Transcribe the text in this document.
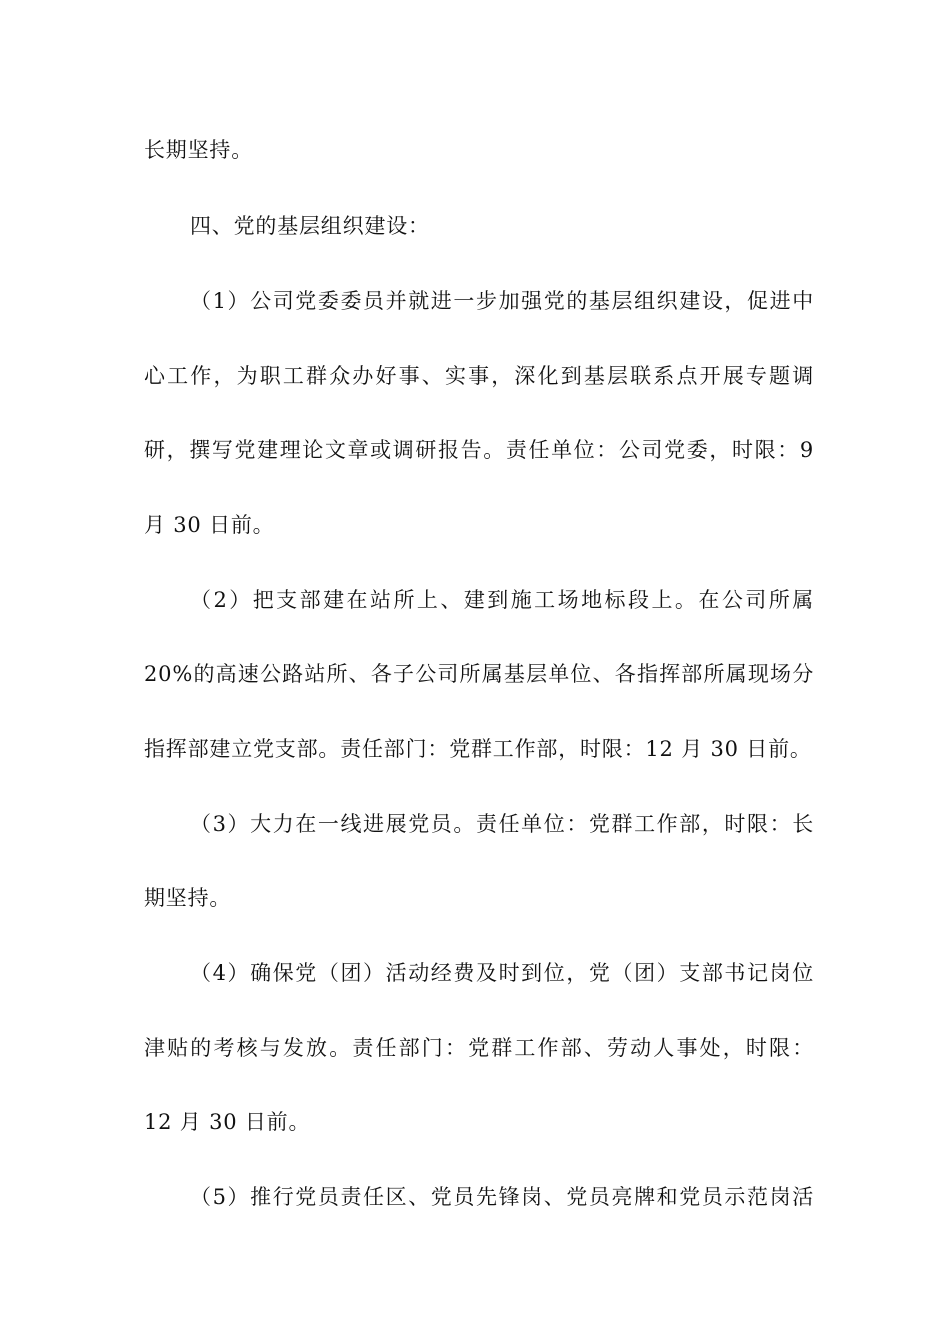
长期坚持。
四、党的基层组织建设：
（1）公司党委委员并就进一步加强党的基层组织建设，促进中
心工作，为职工群众办好事、实事，深化到基层联系点开展专题调
研，撰写党建理论文章或调研报告。责任单位：公司党委，时限：9
月 30 日前。
（2）把支部建在站所上、建到施工场地标段上。在公司所属
20%的高速公路站所、各子公司所属基层单位、各指挥部所属现场分
指挥部建立党支部。责任部门：党群工作部，时限：12 月 30 日前。
（3）大力在一线进展党员。责任单位：党群工作部，时限：长
期坚持。
（4）确保党（团）活动经费及时到位，党（团）支部书记岗位
津贴的考核与发放。责任部门：党群工作部、劳动人事处，时限：
12 月 30 日前。
（5）推行党员责任区、党员先锋岗、党员亮牌和党员示范岗活
